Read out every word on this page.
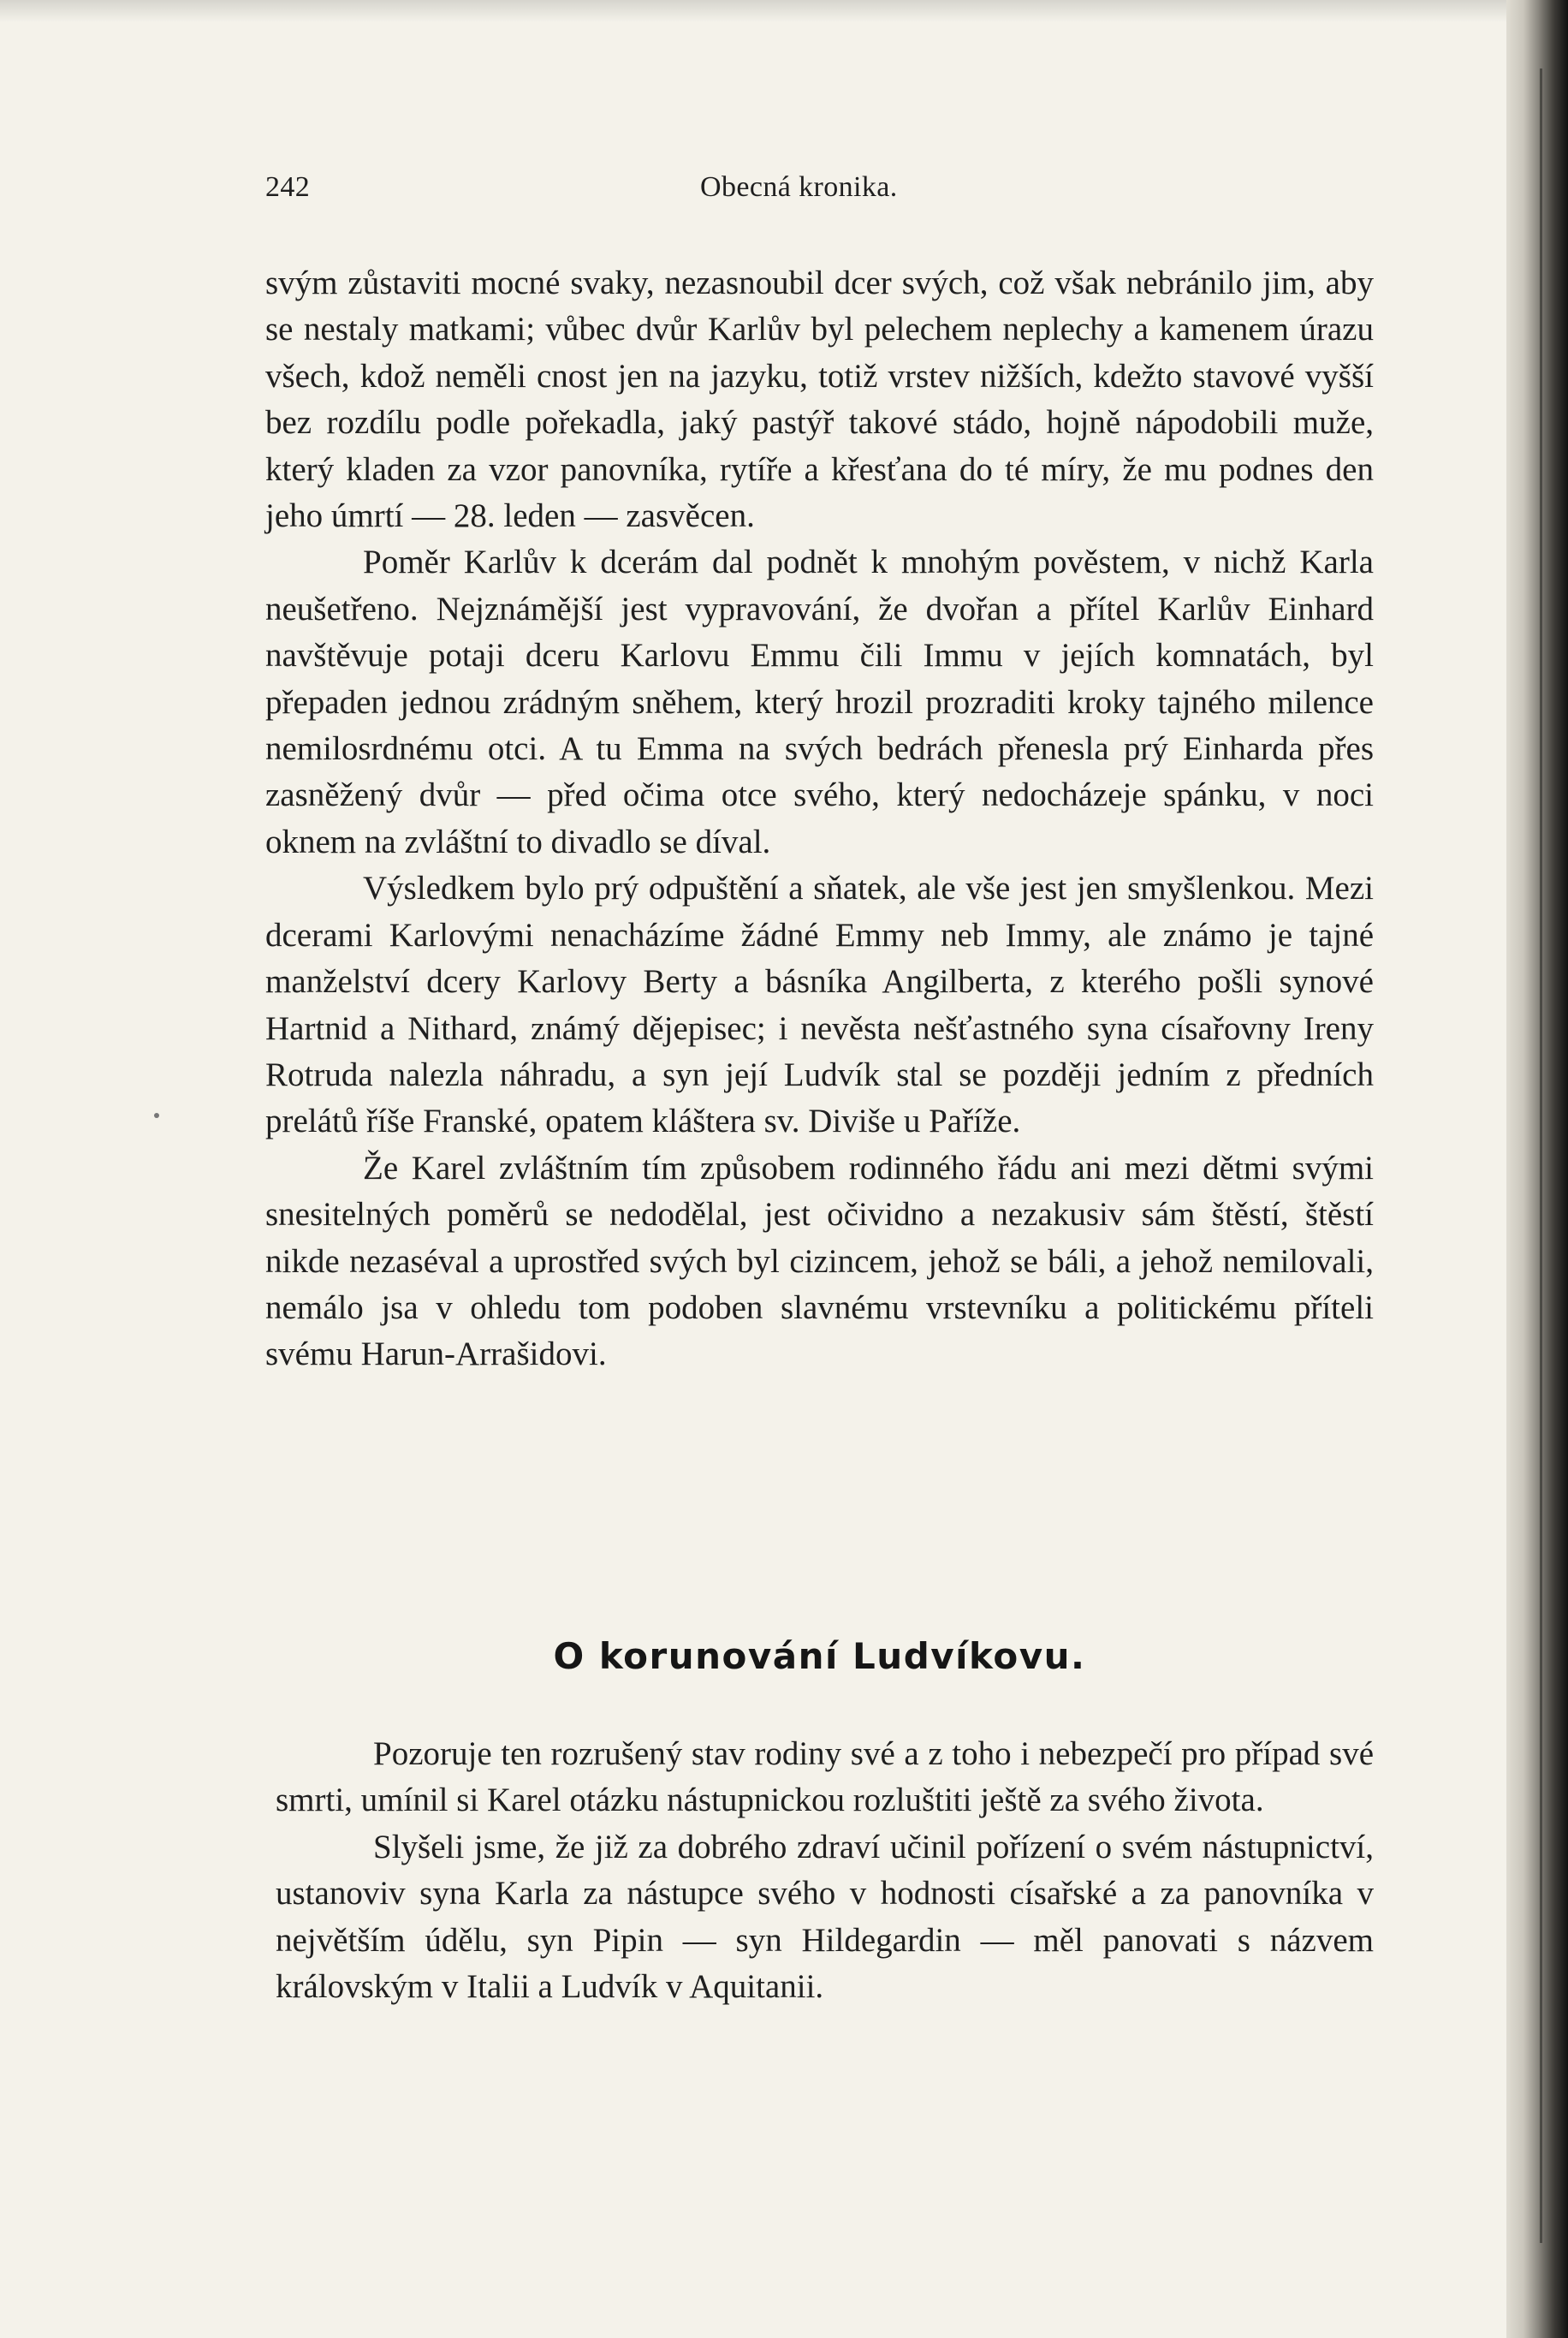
242	Obecná kronika.

svým zůstaviti mocné svaky, nezasnoubil dcer svých, což však nebránilo jim, aby se nestaly matkami; vůbec dvůr Karlův byl pelechem neplechy a kamenem úrazu všech, kdož neměli cnost jen na jazyku, totiž vrstev nižších, kdežto stavové vyšší bez rozdílu podle pořekadla, jaký pastýř takové stádo, hojně nápodobili muže, který kladen za vzor panovníka, rytíře a křesťana do té míry, že mu podnes den jeho úmrtí — 28. leden — zasvěcen.

Poměr Karlův k dcerám dal podnět k mnohým pověstem, v nichž Karla neušetřeno. Nejznámější jest vypravování, že dvořan a přítel Karlův Einhard navštěvuje potaji dceru Karlovu Emmu čili Immu v jejích komnatách, byl přepaden jednou zrádným sněhem, který hrozil prozraditi kroky tajného milence nemilosrdnému otci. A tu Emma na svých bedrách přenesla prý Einharda přes zasněžený dvůr — před očima otce svého, který nedocházeje spánku, v noci oknem na zvláštní to divadlo se díval.

Výsledkem bylo prý odpuštění a sňatek, ale vše jest jen smyšlenkou. Mezi dcerami Karlovými nenacházíme žádné Emmy neb Immy, ale známo je tajné manželství dcery Karlovy Berty a básníka Angilberta, z kterého pošli synové Hartnid a Nithard, známý dějepisec; i nevěsta nešťastného syna císařovny Ireny Rotruda nalezla náhradu, a syn její Ludvík stal se později jedním z předních prelátů říše Franské, opatem kláštera sv. Diviše u Paříže.

Že Karel zvláštním tím způsobem rodinného řádu ani mezi dětmi svými snesitelných poměrů se nedodělal, jest očividno a nezakusiv sám štěstí, štěstí nikde nezaséval a uprostřed svých byl cizincem, jehož se báli, a jehož nemilovali, nemálo jsa v ohledu tom podoben slavnému vrstevníku a politickému příteli svému Harun-Arrašidovi.

O korunování Ludvíkovu.

Pozoruje ten rozrušený stav rodiny své a z toho i nebezpečí pro případ své smrti, umínil si Karel otázku nástupnickou rozluštiti ještě za svého života.

Slyšeli jsme, že již za dobrého zdraví učinil pořízení o svém nástupnictví, ustanoviv syna Karla za nástupce svého v hodnosti císařské a za panovníka v největším údělu, syn Pipin — syn Hildegardin — měl panovati s názvem královským v Italii a Ludvík v Aquitanii.
